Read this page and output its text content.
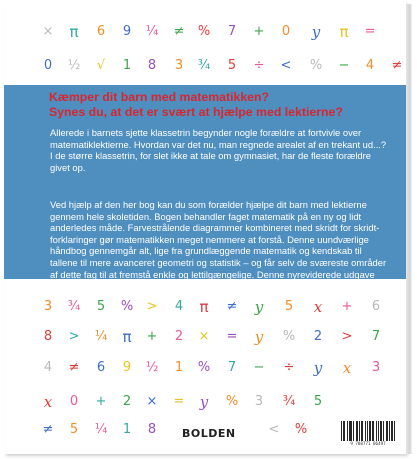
×	π	6	9	¼	≠	%	7	+	0	y	π	=
0	½	√	1	8	3	¾	5	÷	<	%	−	4	≠

Kæmper dit barn med matematikken?
Synes du, at det er svært at hjælpe med lektierne?

Allerede i barnets sjette klassetrin begynder nogle forældre at fortvivle over matematiklektierne. Hvordan var det nu, man regnede arealet af en trekant ud...? I de større klassetrin, for slet ikke at tale om gymnasiet, har de fleste forældre givet op.

Ved hjælp af den her bog kan du som forælder hjælpe dit barn med lektierne gennem hele skoletiden. Bogen behandler faget matematik på en ny og lidt anderledes måde. Farvestrålende diagrammer kombineret med skridt for skridt-forklaringer gør matematikken meget nemmere at forstå. Denne uundværlige håndbog gennemgår alt, lige fra grundlæggende matematik og kendskab til tallene til mere avanceret geometri og statistik – og får selv de sværeste områder af dette fag til at fremstå enkle og lettilgængelige. Denne nyreviderede udgave indeholder nu også romertal, binære tal og klokken.

3	¾	5	%	>	4	π	≠	y	5	x	+	6
8	>	¼	π	+	2	×	=	y	%	2	>	7
4	≠	6	9	½	1	%	7	−	÷	y	x	3
x	0	+	2	×	=	y	%	3	¾	5
≠	5	¼	1	8	<	%
BOLDEN
9 788771 06497
